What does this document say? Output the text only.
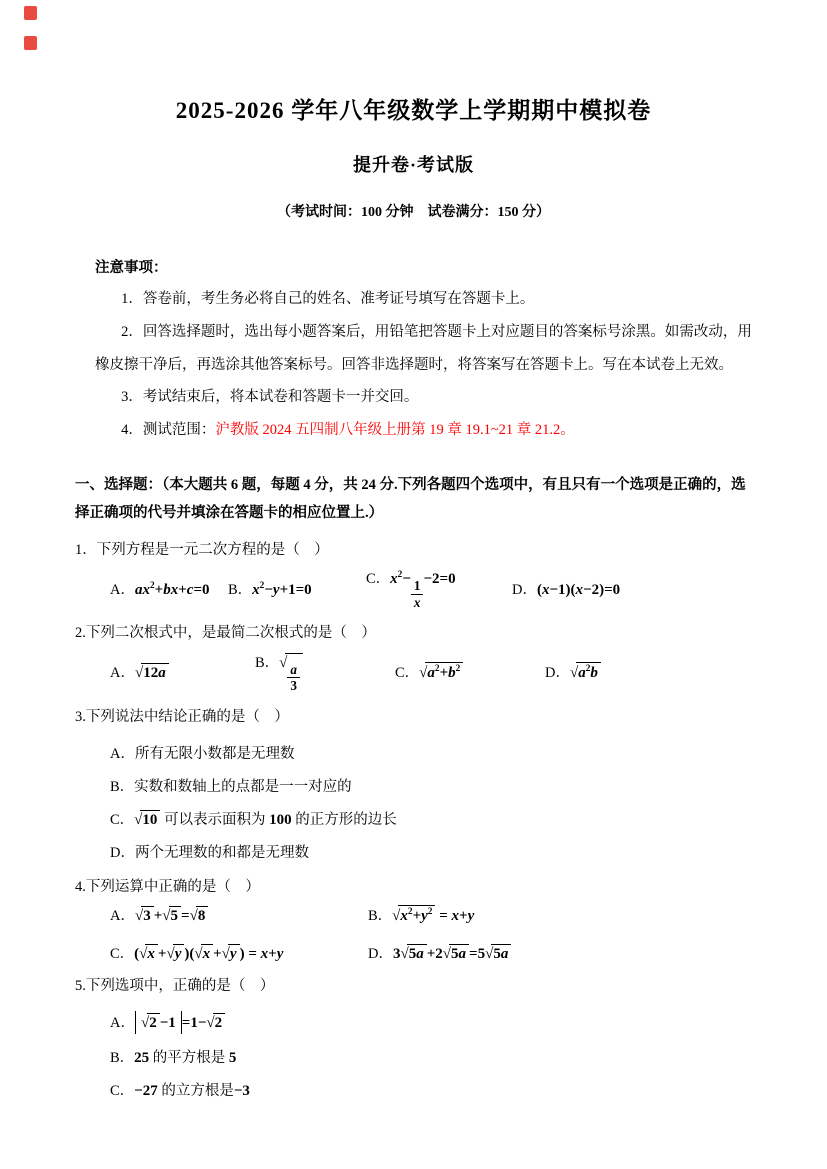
2025-2026 学年八年级数学上学期期中模拟卷
提升卷·考试版
（考试时间：100 分钟　试卷满分：150 分）
注意事项：

1．答卷前，考生务必将自己的姓名、准考证号填写在答题卡上。

2．回答选择题时，选出每小题答案后，用铅笔把答题卡上对应题目的答案标号涂黑。如需改动，用橡皮擦干净后，再选涂其他答案标号。回答非选择题时，将答案写在答题卡上。写在本试卷上无效。

3．考试结束后，将本试卷和答题卡一并交回。

4．测试范围：沪教版 2024 五四制八年级上册第 19 章 19.1~21 章 21.2。

一、选择题：（本大题共 6 题，每题 4 分，共 24 分.下列各题四个选项中，有且只有一个选项是正确的，选择正确项的代号并填涂在答题卡的相应位置上.）

1．下列方程是一元二次方程的是（　）

A．$ax^2+bx+c=0$	B．$x^2-y+1=0$
C．$x^2- \frac{1}{x} -2=0$
D．(x−1)(x−2)=0

2.下列二次根式中，是最简二次根式的是（　）

A．√12a
B．√ $\frac{a}{3}$	C．$√a^2+b^2$	D．$√a^2b$

3.下列说法中结论正确的是（　）

A．所有无限小数都是无理数
B．实数和数轴上的点都是一一对应的
C．√10 可以表示面积为 100 的正方形的边长
D．两个无理数的和都是无理数

4.下列运算中正确的是（　）

A．√3 +√5 =√8	B．$√x^2+y^2 = x+y$
C．(√x +√y )(√x +√y ) = x+y	D．3√5a +2√5a =5√5a

5.下列选项中，正确的是（　）

A． √2 −1 =1−√2
B．25 的平方根是 5
C．−27 的立方根是−3
